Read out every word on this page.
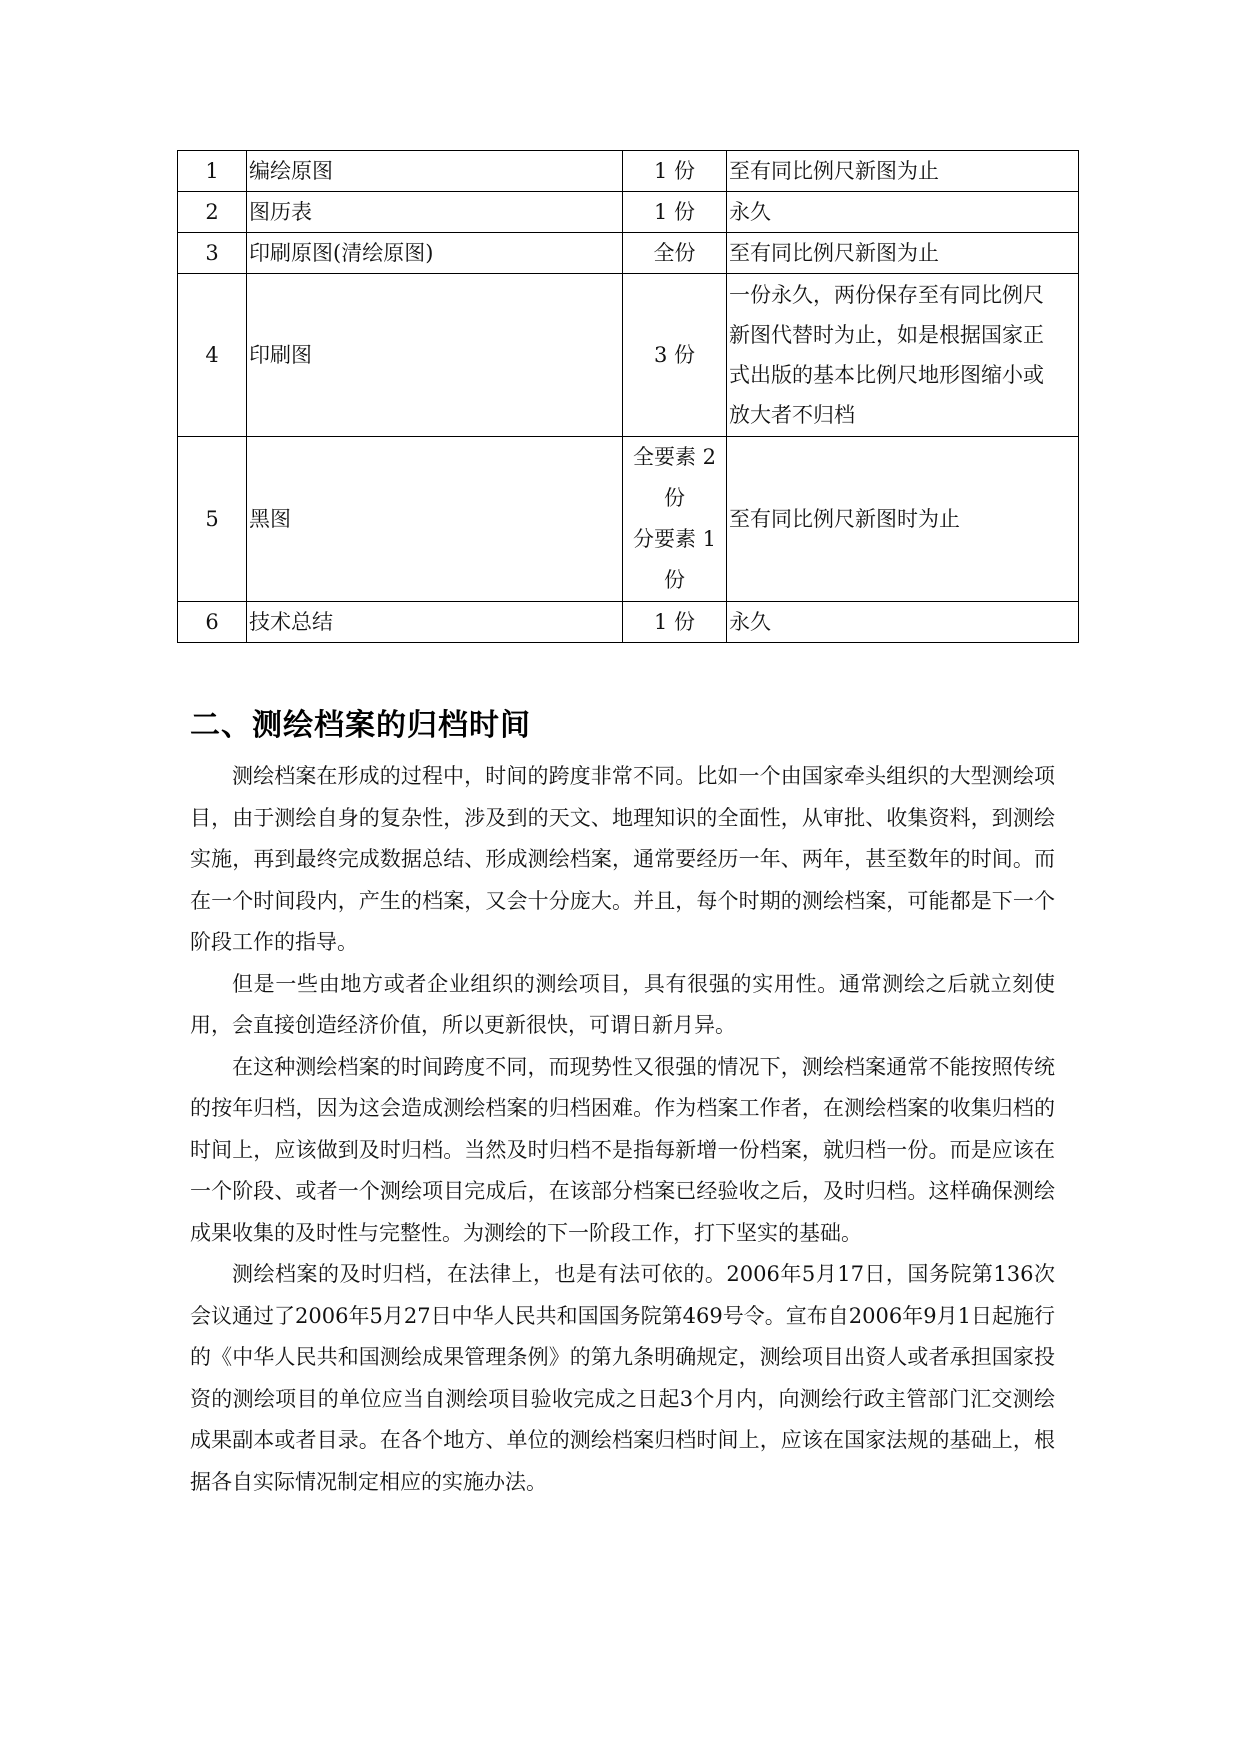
1	编绘原图	1 份	至有同比例尺新图为止
2	图历表	1 份	永久
3	印刷原图(清绘原图)	全份	至有同比例尺新图为止
4	印刷图	3 份	一份永久，两份保存至有同比例尺
新图代替时为止，如是根据国家正
式出版的基本比例尺地形图缩小或
放大者不归档

5	黑图	全要素 2
份
分要素 1
份	至有同比例尺新图时为止
6	技术总结	1 份	永久
二、测绘档案的归档时间

测绘档案在形成的过程中，时间的跨度非常不同。比如一个由国家牵头组织的大型测绘项目，由于测绘自身的复杂性，涉及到的天文、地理知识的全面性，从审批、收集资料，到测绘实施，再到最终完成数据总结、形成测绘档案，通常要经历一年、两年，甚至数年的时间。而在一个时间段内，产生的档案，又会十分庞大。并且，每个时期的测绘档案，可能都是下一个阶段工作的指导。

但是一些由地方或者企业组织的测绘项目，具有很强的实用性。通常测绘之后就立刻使用，会直接创造经济价值，所以更新很快，可谓日新月异。

在这种测绘档案的时间跨度不同，而现势性又很强的情况下，测绘档案通常不能按照传统的按年归档，因为这会造成测绘档案的归档困难。作为档案工作者，在测绘档案的收集归档的时间上，应该做到及时归档。当然及时归档不是指每新增一份档案，就归档一份。而是应该在一个阶段、或者一个测绘项目完成后，在该部分档案已经验收之后，及时归档。这样确保测绘成果收集的及时性与完整性。为测绘的下一阶段工作，打下坚实的基础。

测绘档案的及时归档，在法律上，也是有法可依的。2006年5月17日，国务院第136次会议通过了2006年5月27日中华人民共和国国务院第469号令。宣布自2006年9月1日起施行的《中华人民共和国测绘成果管理条例》的第九条明确规定，测绘项目出资人或者承担国家投资的测绘项目的单位应当自测绘项目验收完成之日起3个月内，向测绘行政主管部门汇交测绘成果副本或者目录。在各个地方、单位的测绘档案归档时间上，应该在国家法规的基础上，根据各自实际情况制定相应的实施办法。
